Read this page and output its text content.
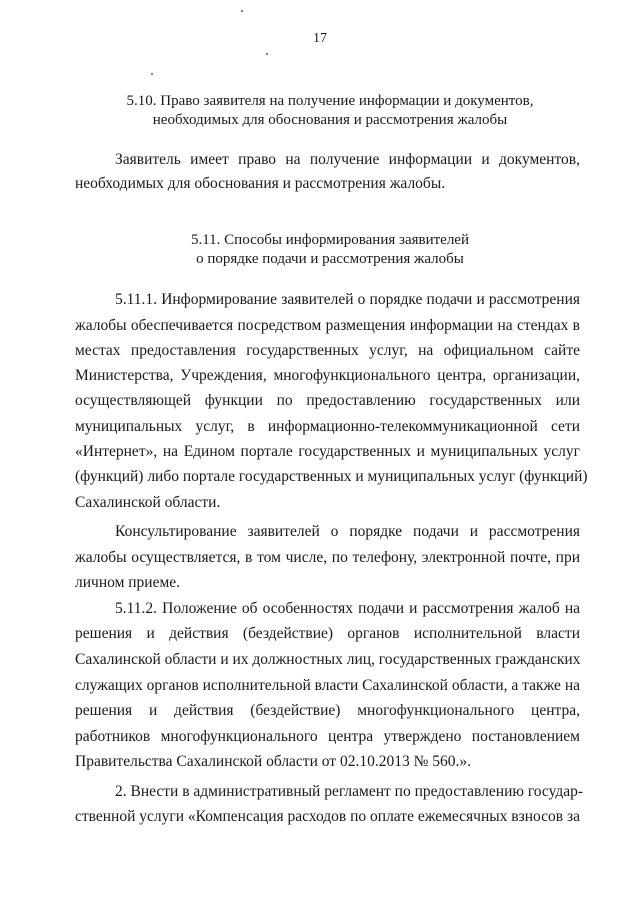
17
5.10. Право заявителя на получение информации и документов,
необходимых для обоснования и рассмотрения жалобы
Заявитель имеет право на получение информации и документов,
необходимых для обоснования и рассмотрения жалобы.
5.11. Способы информирования заявителей
о порядке подачи и рассмотрения жалобы
5.11.1. Информирование заявителей о порядке подачи и рассмотрения
жалобы обеспечивается посредством размещения информации на стендах в
местах предоставления государственных услуг, на официальном сайте
Министерства, Учреждения, многофункционального центра, организации,
осуществляющей функции по предоставлению государственных или
муниципальных услуг, в информационно-телекоммуникационной сети
«Интернет», на Едином портале государственных и муниципальных услуг
(функций) либо портале государственных и муниципальных услуг (функций)
Сахалинской области.
Консультирование заявителей о порядке подачи и рассмотрения
жалобы осуществляется, в том числе, по телефону, электронной почте, при
личном приеме.
5.11.2. Положение об особенностях подачи и рассмотрения жалоб на
решения и действия (бездействие) органов исполнительной власти
Сахалинской области и их должностных лиц, государственных гражданских
служащих органов исполнительной власти Сахалинской области, а также на
решения и действия (бездействие) многофункционального центра,
работников многофункционального центра утверждено постановлением
Правительства Сахалинской области от 02.10.2013 № 560.».
2. Внести в административный регламент по предоставлению государ-
ственной услуги «Компенсация расходов по оплате ежемесячных взносов за
